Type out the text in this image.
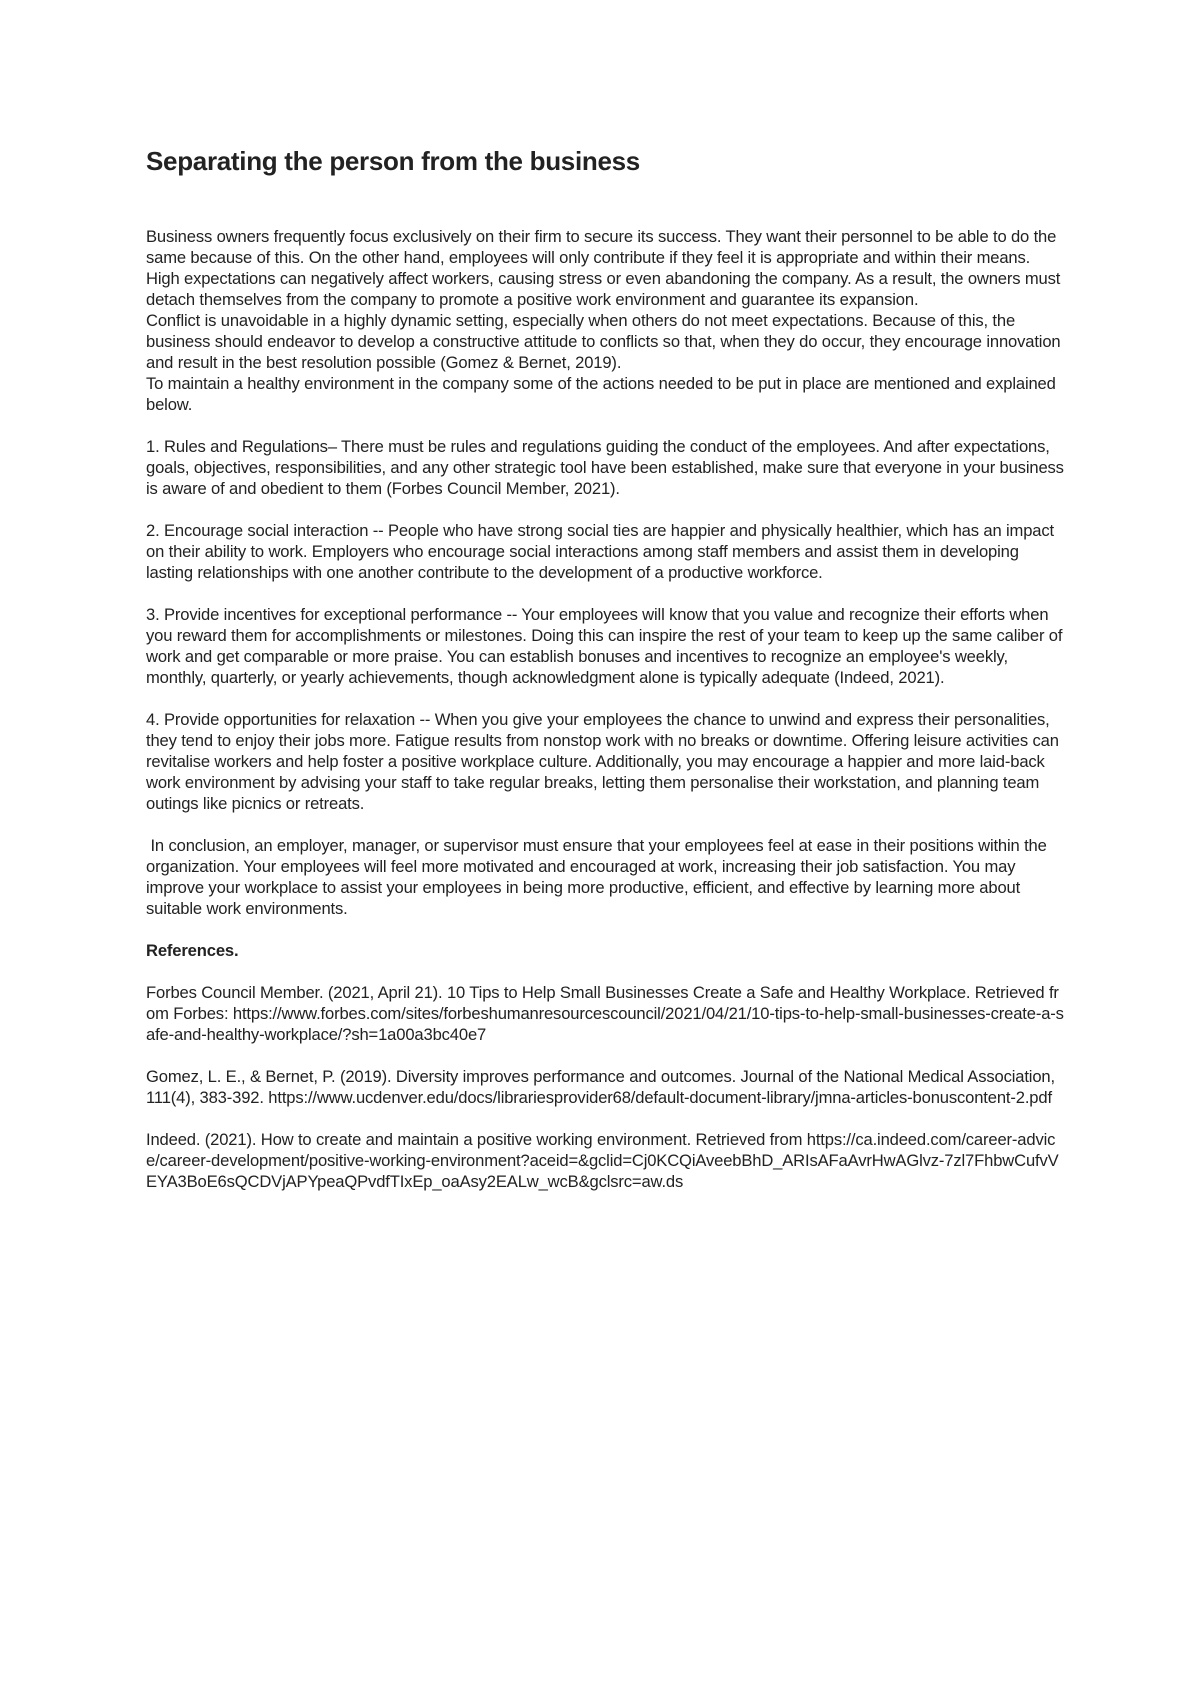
Separating the person from the business

Business owners frequently focus exclusively on their firm to secure its success. They want their personnel to be able to do the same because of this. On the other hand, employees will only contribute if they feel it is appropriate and within their means. High expectations can negatively affect workers, causing stress or even abandoning the company. As a result, the owners must detach themselves from the company to promote a positive work environment and guarantee its expansion.

Conflict is unavoidable in a highly dynamic setting, especially when others do not meet expectations. Because of this, the business should endeavor to develop a constructive attitude to conflicts so that, when they do occur, they encourage innovation and result in the best resolution possible (Gomez & Bernet, 2019).

To maintain a healthy environment in the company some of the actions needed to be put in place are mentioned and explained below.

1. Rules and Regulations– There must be rules and regulations guiding the conduct of the employees. And after expectations, goals, objectives, responsibilities, and any other strategic tool have been established, make sure that everyone in your business is aware of and obedient to them (Forbes Council Member, 2021).

2. Encourage social interaction -- People who have strong social ties are happier and physically healthier, which has an impact on their ability to work. Employers who encourage social interactions among staff members and assist them in developing lasting relationships with one another contribute to the development of a productive workforce.

3. Provide incentives for exceptional performance -- Your employees will know that you value and recognize their efforts when you reward them for accomplishments or milestones. Doing this can inspire the rest of your team to keep up the same caliber of work and get comparable or more praise. You can establish bonuses and incentives to recognize an employee's weekly, monthly, quarterly, or yearly achievements, though acknowledgment alone is typically adequate (Indeed, 2021).

4. Provide opportunities for relaxation -- When you give your employees the chance to unwind and express their personalities, they tend to enjoy their jobs more. Fatigue results from nonstop work with no breaks or downtime. Offering leisure activities can revitalise workers and help foster a positive workplace culture. Additionally, you may encourage a happier and more laid-back work environment by advising your staff to take regular breaks, letting them personalise their workstation, and planning team outings like picnics or retreats.

In conclusion, an employer, manager, or supervisor must ensure that your employees feel at ease in their positions within the organization. Your employees will feel more motivated and encouraged at work, increasing their job satisfaction. You may improve your workplace to assist your employees in being more productive, efficient, and effective by learning more about suitable work environments.

References.

Forbes Council Member. (2021, April 21). 10 Tips to Help Small Businesses Create a Safe and Healthy Workplace. Retrieved from Forbes: https://www.forbes.com/sites/forbeshumanresourcescouncil/2021/04/21/10-tips-to-help-small-businesses-create-a-safe-and-healthy-workplace/?sh=1a00a3bc40e7

Gomez, L. E., & Bernet, P. (2019). Diversity improves performance and outcomes. Journal of the National Medical Association, 111(4), 383-392. https://www.ucdenver.edu/docs/librariesprovider68/default-document-library/jmna-articles-bonuscontent-2.pdf

Indeed. (2021). How to create and maintain a positive working environment. Retrieved from https://ca.indeed.com/career-advice/career-development/positive-working-environment?aceid=&gclid=Cj0KCQiAveebBhD_ARIsAFaAvrHwAGlvz-7zl7FhbwCufvVEYA3BoE6sQCDVjAPYpeaQPvdfTIxEp_oaAsy2EALw_wcB&gclsrc=aw.ds
